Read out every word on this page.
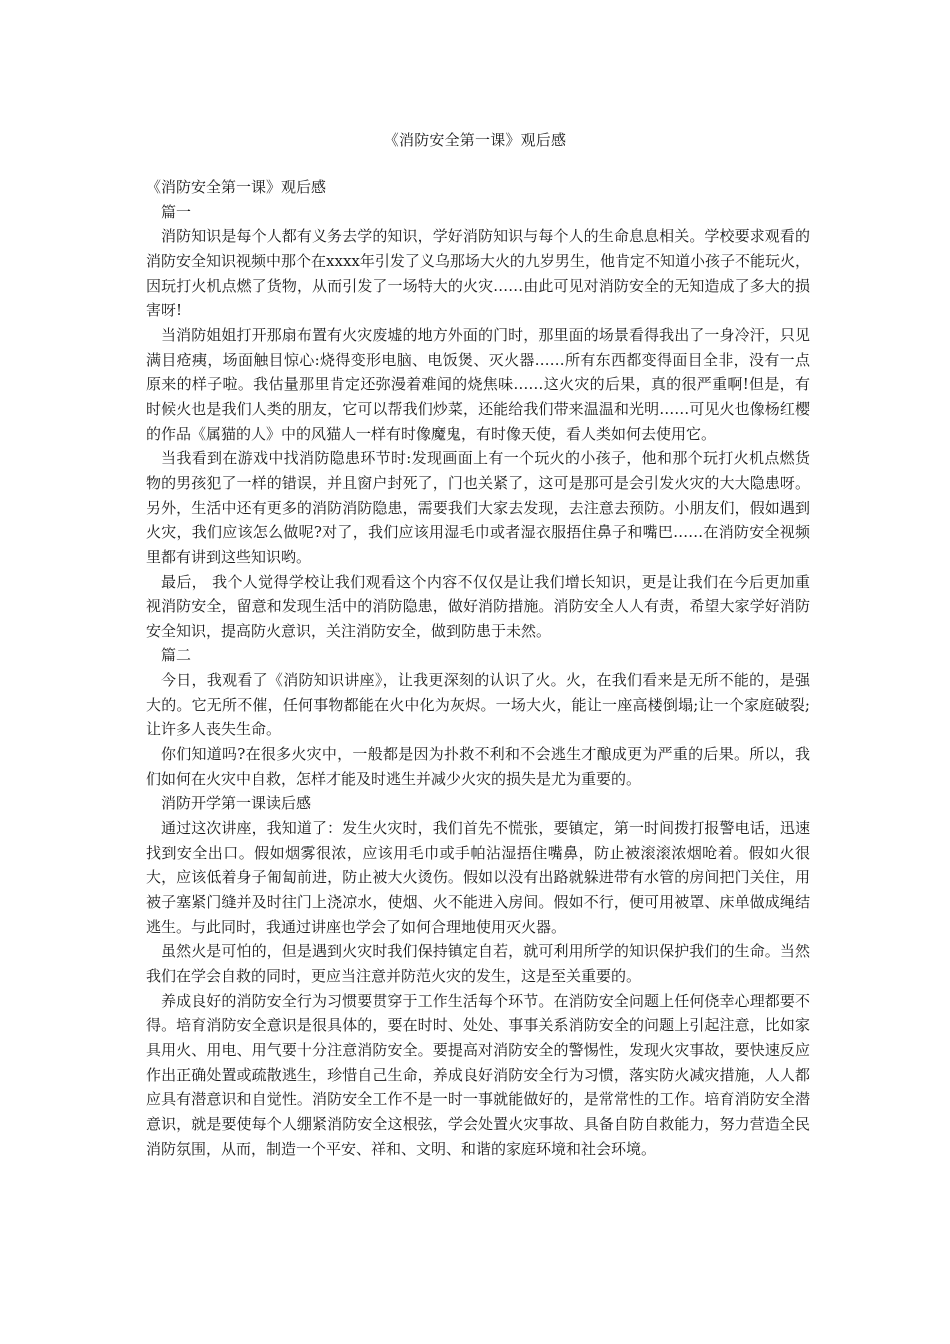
《消防安全第一课》观后感

《消防安全第一课》观后感

篇一

消防知识是每个人都有义务去学的知识，学好消防知识与每个人的生命息息相关。学校要求观看的消防安全知识视频中那个在xxxx年引发了义乌那场大火的九岁男生，他肯定不知道小孩子不能玩火，因玩打火机点燃了货物，从而引发了一场特大的火灾……由此可见对消防安全的无知造成了多大的损害呀!

当消防姐姐打开那扇布置有火灾废墟的地方外面的门时，那里面的场景看得我出了一身冷汗，只见满目疮痍，场面触目惊心:烧得变形电脑、电饭煲、灭火器……所有东西都变得面目全非，没有一点原来的样子啦。我估量那里肯定还弥漫着难闻的烧焦味……这火灾的后果，真的很严重啊!但是，有时候火也是我们人类的朋友，它可以帮我们炒菜，还能给我们带来温温和光明……可见火也像杨红樱的作品《属猫的人》中的风猫人一样有时像魔鬼，有时像天使，看人类如何去使用它。

当我看到在游戏中找消防隐患环节时:发现画面上有一个玩火的小孩子，他和那个玩打火机点燃货物的男孩犯了一样的错误，并且窗户封死了，门也关紧了，这可是那可是会引发火灾的大大隐患呀。另外，生活中还有更多的消防消防隐患，需要我们大家去发现，去注意去预防。小朋友们，假如遇到火灾，我们应该怎么做呢?对了，我们应该用湿毛巾或者湿衣服捂住鼻子和嘴巴……在消防安全视频里都有讲到这些知识哟。

最后， 我个人觉得学校让我们观看这个内容不仅仅是让我们增长知识，更是让我们在今后更加重视消防安全，留意和发现生活中的消防隐患，做好消防措施。消防安全人人有责，希望大家学好消防安全知识，提高防火意识，关注消防安全，做到防患于未然。

篇二

今日，我观看了《消防知识讲座》，让我更深刻的认识了火。火，在我们看来是无所不能的，是强大的。它无所不催，任何事物都能在火中化为灰烬。一场大火，能让一座高楼倒塌;让一个家庭破裂;让许多人丧失生命。

你们知道吗?在很多火灾中，一般都是因为扑救不利和不会逃生才酿成更为严重的后果。所以，我们如何在火灾中自救，怎样才能及时逃生并减少火灾的损失是尤为重要的。

消防开学第一课读后感

通过这次讲座，我知道了：发生火灾时，我们首先不慌张，要镇定，第一时间拨打报警电话，迅速找到安全出口。假如烟雾很浓，应该用毛巾或手帕沾湿捂住嘴鼻，防止被滚滚浓烟呛着。假如火很大，应该低着身子匍匐前进，防止被大火烫伤。假如以没有出路就躲进带有水管的房间把门关住，用被子塞紧门缝并及时往门上浇凉水，使烟、火不能进入房间。假如不行，便可用被罩、床单做成绳结逃生。与此同时，我通过讲座也学会了如何合理地使用灭火器。

虽然火是可怕的，但是遇到火灾时我们保持镇定自若，就可利用所学的知识保护我们的生命。当然我们在学会自救的同时，更应当注意并防范火灾的发生，这是至关重要的。

养成良好的消防安全行为习惯要贯穿于工作生活每个环节。在消防安全问题上任何侥幸心理都要不得。培育消防安全意识是很具体的，要在时时、处处、事事关系消防安全的问题上引起注意，比如家具用火、用电、用气要十分注意消防安全。要提高对消防安全的警惕性，发现火灾事故，要快速反应作出正确处置或疏散逃生，珍惜自己生命，养成良好消防安全行为习惯，落实防火减灾措施，人人都应具有潜意识和自觉性。消防安全工作不是一时一事就能做好的，是常常性的工作。培育消防安全潜意识，就是要使每个人绷紧消防安全这根弦，学会处置火灾事故、具备自防自救能力，努力营造全民消防氛围，从而，制造一个平安、祥和、文明、和谐的家庭环境和社会环境。
